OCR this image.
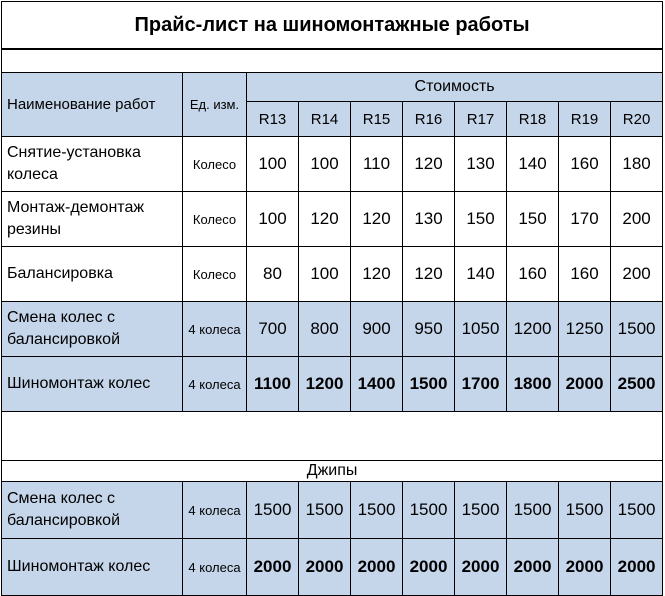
Прайс-лист на шиномонтажные работы									

Наименование работ	Ед. изм.	Стоимость							
		R13	R14	R15	R16	R17	R18	R19	R20
Снятие-установка колеса	Колесо	100	100	110	120	130	140	160	180
Монтаж-демонтаж резины	Колесо	100	120	120	130	150	150	170	200
Балансировка	Колесо	80	100	120	120	140	160	160	200
Смена колес с балансировкой	4 колеса	700	800	900	950	1050	1200	1250	1500
Шиномонтаж колес	4 колеса	1100	1200	1400	1500	1700	1800	2000	2500

Джипы									
Смена колес с балансировкой	4 колеса	1500	1500	1500	1500	1500	1500	1500	1500
Шиномонтаж колес	4 колеса	2000	2000	2000	2000	2000	2000	2000	2000
